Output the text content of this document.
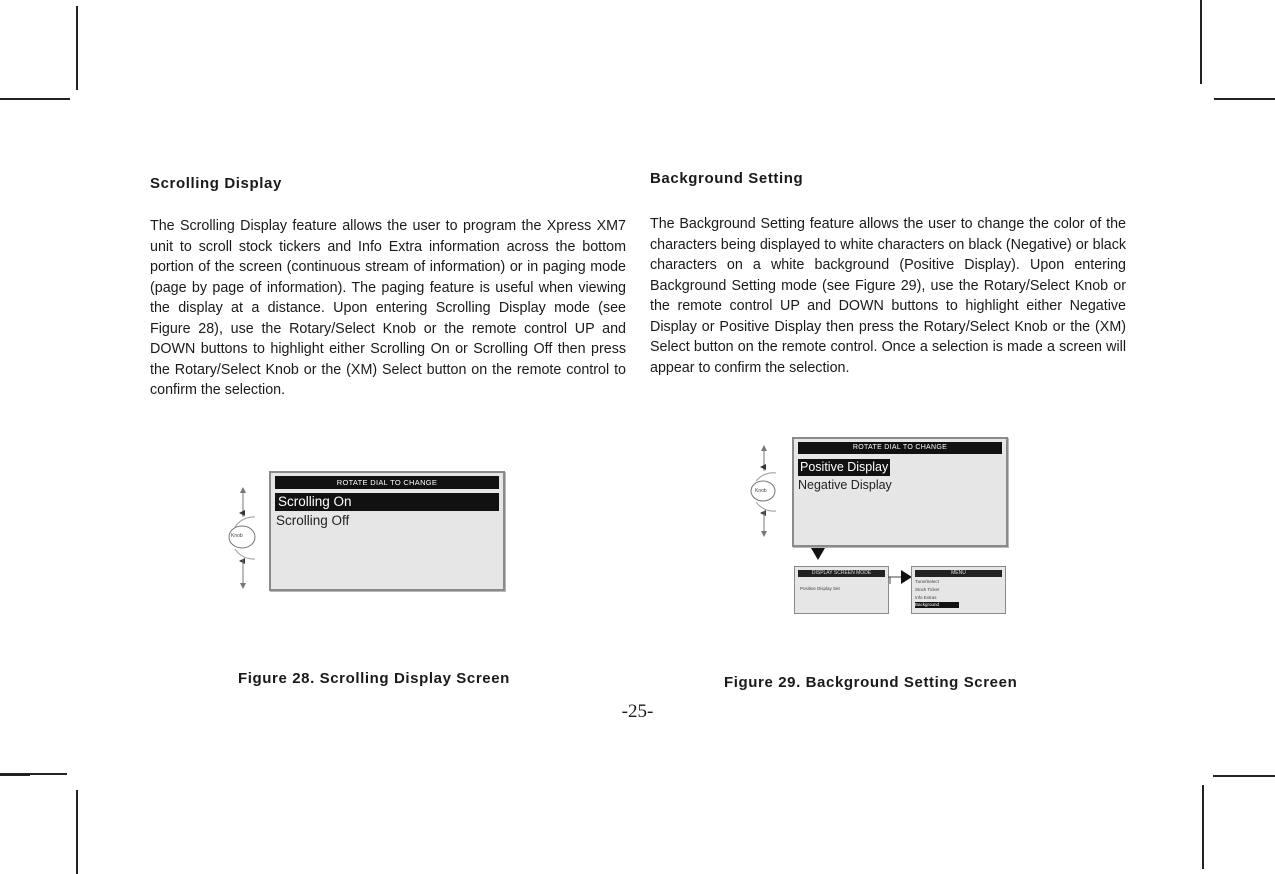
Scrolling Display

The Scrolling Display feature allows the user to program the Xpress XM7 unit to scroll stock tickers and Info Extra information across the bottom portion of the screen (continuous stream of information) or in paging mode (page by page of information). The paging feature is useful when viewing the display at a distance. Upon entering Scrolling Display mode (see Figure 28), use the Rotary/Select Knob or the remote control UP and DOWN buttons to highlight either Scrolling On or Scrolling Off then press the Rotary/Select Knob or the (XM) Select button on the remote control to confirm the selection.

Background Setting

The Background Setting feature allows the user to change the color of the characters being displayed to white characters on black (Negative) or black characters on a white background (Positive Display). Upon entering Background Setting mode (see Figure 29), use the Rotary/Select Knob or the remote control UP and DOWN buttons to highlight either Negative Display or Positive Display then press the Rotary/Select Knob or the (XM) Select button on the remote control. Once a selection is made a screen will appear to confirm the selection.

Knob
ROTATE DIAL TO CHANGE
Scrolling On
Scrolling Off
Figure 28. Scrolling Display Screen
Knob
ROTATE DIAL TO CHANGE
Positive Display
Negative Display
DISPLAY SCREEN MODE
Positive Display Set
MENU
Tune/Select
Stock Ticker
Info Extras
Background
Figure 29. Background Setting Screen
-25-
